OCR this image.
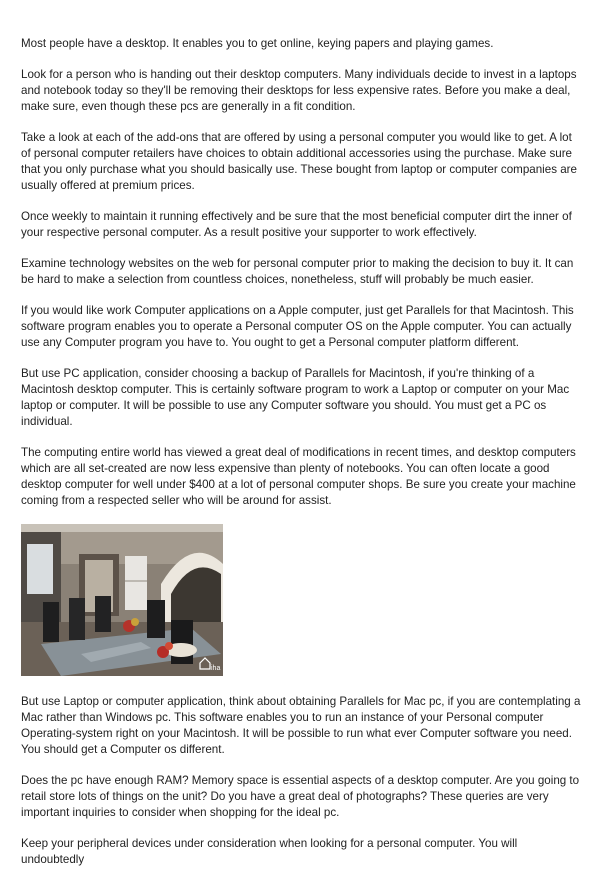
Most people have a desktop. It enables you to get online, keying papers and playing games.

Look for a person who is handing out their desktop computers. Many individuals decide to invest in a laptops and notebook today so they'll be removing their desktops for less expensive rates. Before you make a deal, make sure, even though these pcs are generally in a fit condition.

Take a look at each of the add-ons that are offered by using a personal computer you would like to get. A lot of personal computer retailers have choices to obtain additional accessories using the purchase. Make sure that you only purchase what you should basically use. These bought from laptop or computer companies are usually offered at premium prices.

Once weekly to maintain it running effectively and be sure that the most beneficial computer dirt the inner of your respective personal computer. As a result positive your supporter to work effectively.

Examine technology websites on the web for personal computer prior to making the decision to buy it. It can be hard to make a selection from countless choices, nonetheless, stuff will probably be much easier.

If you would like work Computer applications on a Apple computer, just get Parallels for that Macintosh. This software program enables you to operate a Personal computer OS on the Apple computer. You can actually use any Computer program you have to. You ought to get a Personal computer platform different.

But use PC application, consider choosing a backup of Parallels for Macintosh, if you're thinking of a Macintosh desktop computer. This is certainly software program to work a Laptop or computer on your Mac laptop or computer. It will be possible to use any Computer software you should. You must get a PC os individual.

The computing entire world has viewed a great deal of modifications in recent times, and desktop computers which are all set-created are now less expensive than plenty of notebooks. You can often locate a good desktop computer for well under $400 at a lot of personal computer shops. Be sure you create your machine coming from a respected seller who will be around for assist.

iha

But use Laptop or computer application, think about obtaining Parallels for Mac pc, if you are contemplating a Mac rather than Windows pc. This software enables you to run an instance of your Personal computer Operating-system right on your Macintosh. It will be possible to run what ever Computer software you need. You should get a Computer os different.

Does the pc have enough RAM? Memory space is essential aspects of a desktop computer. Are you going to retail store lots of things on the unit? Do you have a great deal of photographs? These queries are very important inquiries to consider when shopping for the ideal pc.

Keep your peripheral devices under consideration when looking for a personal computer. You will undoubtedly
